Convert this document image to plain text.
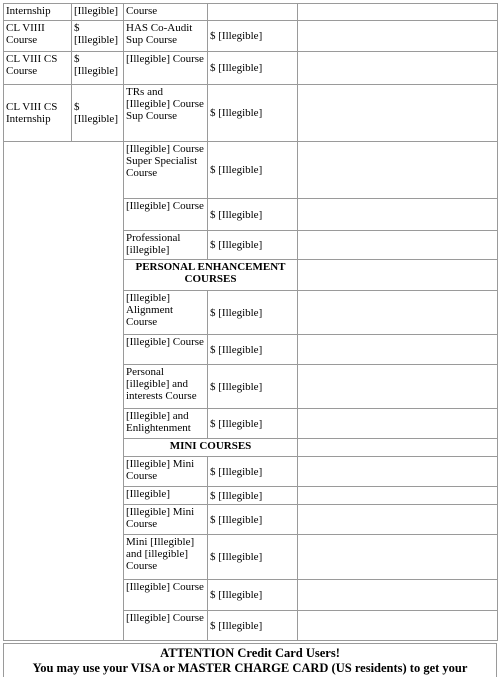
Internship	[Illegible]	Course		
CL VIIII Course	$ [Illegible]	HAS Co-Audit Sup Course	$ [Illegible]	
CL VIII CS Course	$ [Illegible]	[Illegible] Course	$ [Illegible]	
CL VIII CS Internship	$ [Illegible]	TRs and [Illegible] Course Sup Course	$ [Illegible]	
		[Illegible] Course Super Specialist Course	$ [Illegible]	
		[Illegible] Course	$ [Illegible]	
		Professional [illegible]	$ [Illegible]	
		PERSONAL ENHANCEMENT COURSES		
		[Illegible] Alignment Course	$ [Illegible]	
		[Illegible] Course	$ [Illegible]	
		Personal [illegible] and interests Course	$ [Illegible]	
		[Illegible] and Enlightenment	$ [Illegible]	
		MINI COURSES		
		[Illegible] Mini Course	$ [Illegible]	
		[Illegible]	$ [Illegible]	
		[Illegible] Mini Course	$ [Illegible]	
		Mini [Illegible] and [illegible] Course	$ [Illegible]	
		[Illegible] Course	$ [Illegible]	
		[Illegible] Course	$ [Illegible]	
ATTENTION Credit Card Users!
You may use your VISA or MASTER CHARGE CARD (US residents) to get your
